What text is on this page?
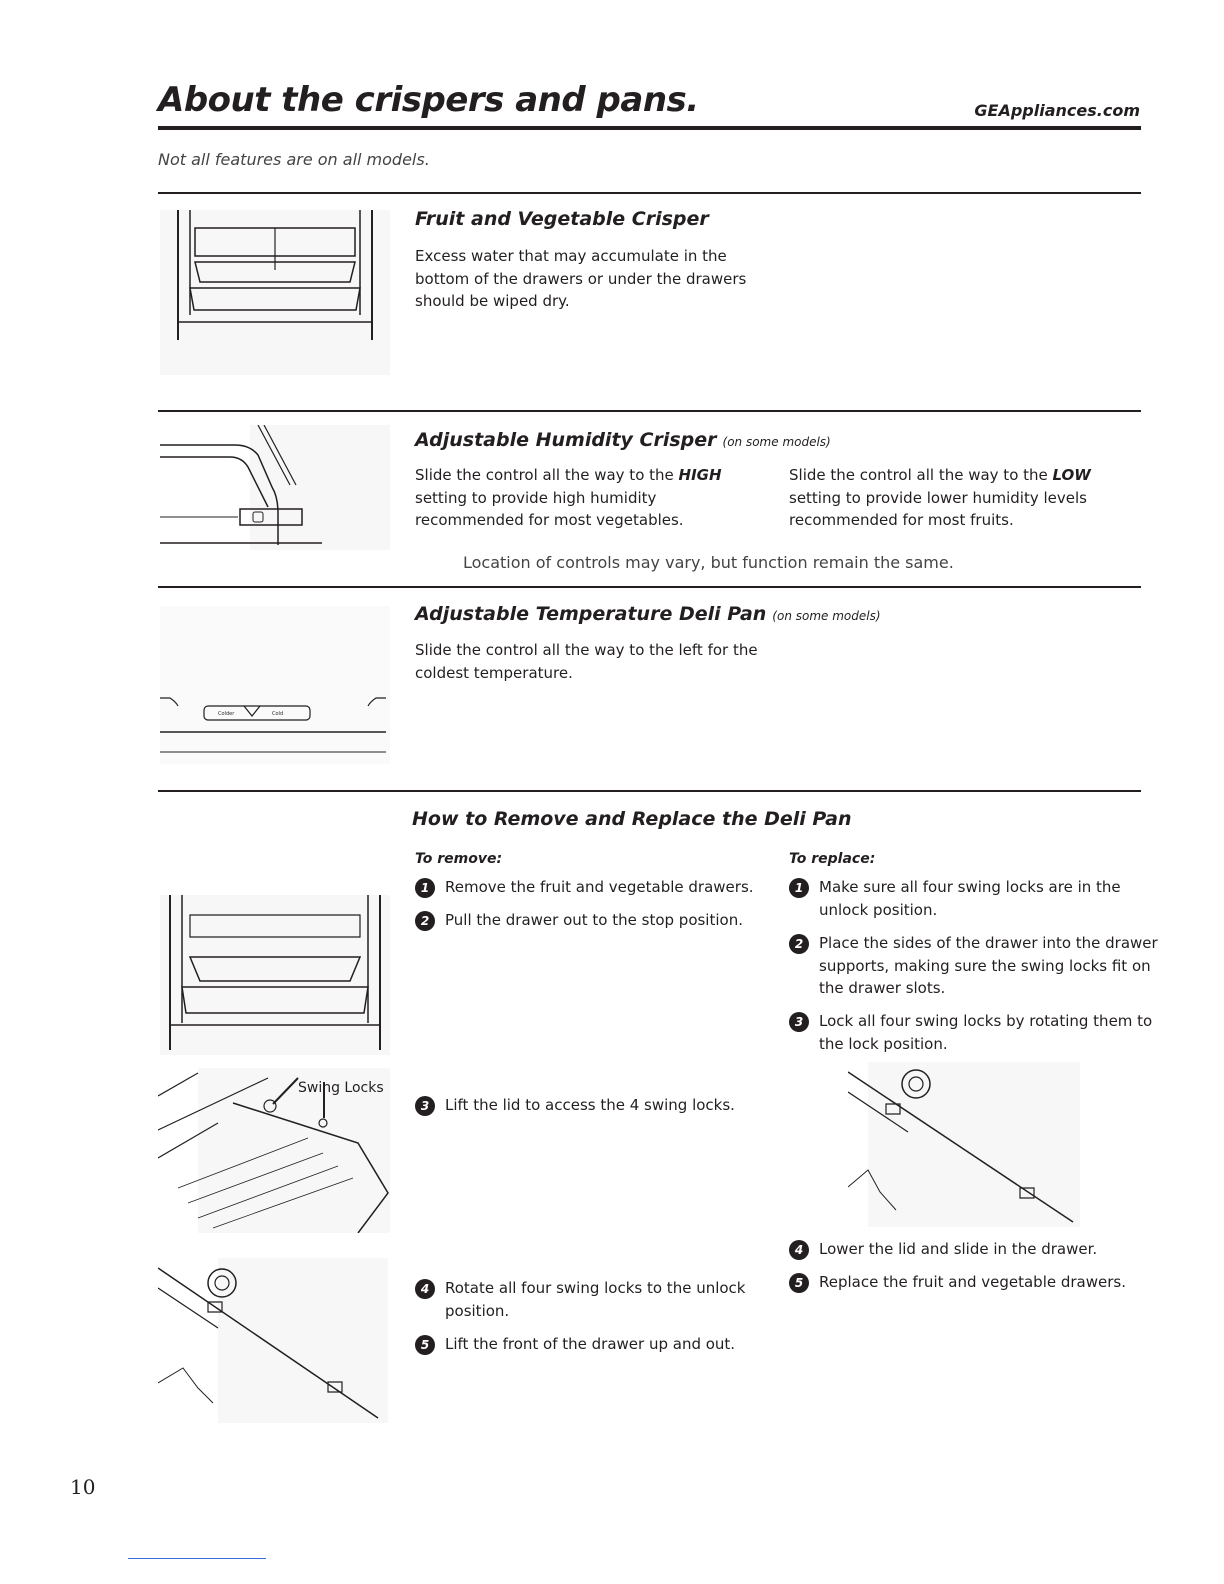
About the crispers and pans.	GEAppliances.com
Not all features are on all models.
Fruit and Vegetable Crisper
Excess water that may accumulate in the bottom of the drawers or under the drawers should be wiped dry.
Adjustable Humidity Crisper (on some models)
Slide the control all the way to the HIGH setting to provide high humidity recommended for most vegetables.
Slide the control all the way to the LOW setting to provide lower humidity levels recommended for most fruits.
Location of controls may vary, but function remain the same.
Colder	Cold
Adjustable Temperature Deli Pan (on some models)
Slide the control all the way to the left for the coldest temperature.
How to Remove and Replace the Deli Pan
To remove:	To replace:
Swing Locks
1	Remove the fruit and vegetable drawers.
2	Pull the drawer out to the stop position.
3	Lift the lid to access the 4 swing locks.
4	Rotate all four swing locks to the unlock position.
5	Lift the front of the drawer up and out.
1	Make sure all four swing locks are in the unlock position.
2	Place the sides of the drawer into the drawer supports, making sure the swing locks fit on the drawer slots.
3	Lock all four swing locks by rotating them to the lock position.
4	Lower the lid and slide in the drawer.
5	Replace the fruit and vegetable drawers.
10
